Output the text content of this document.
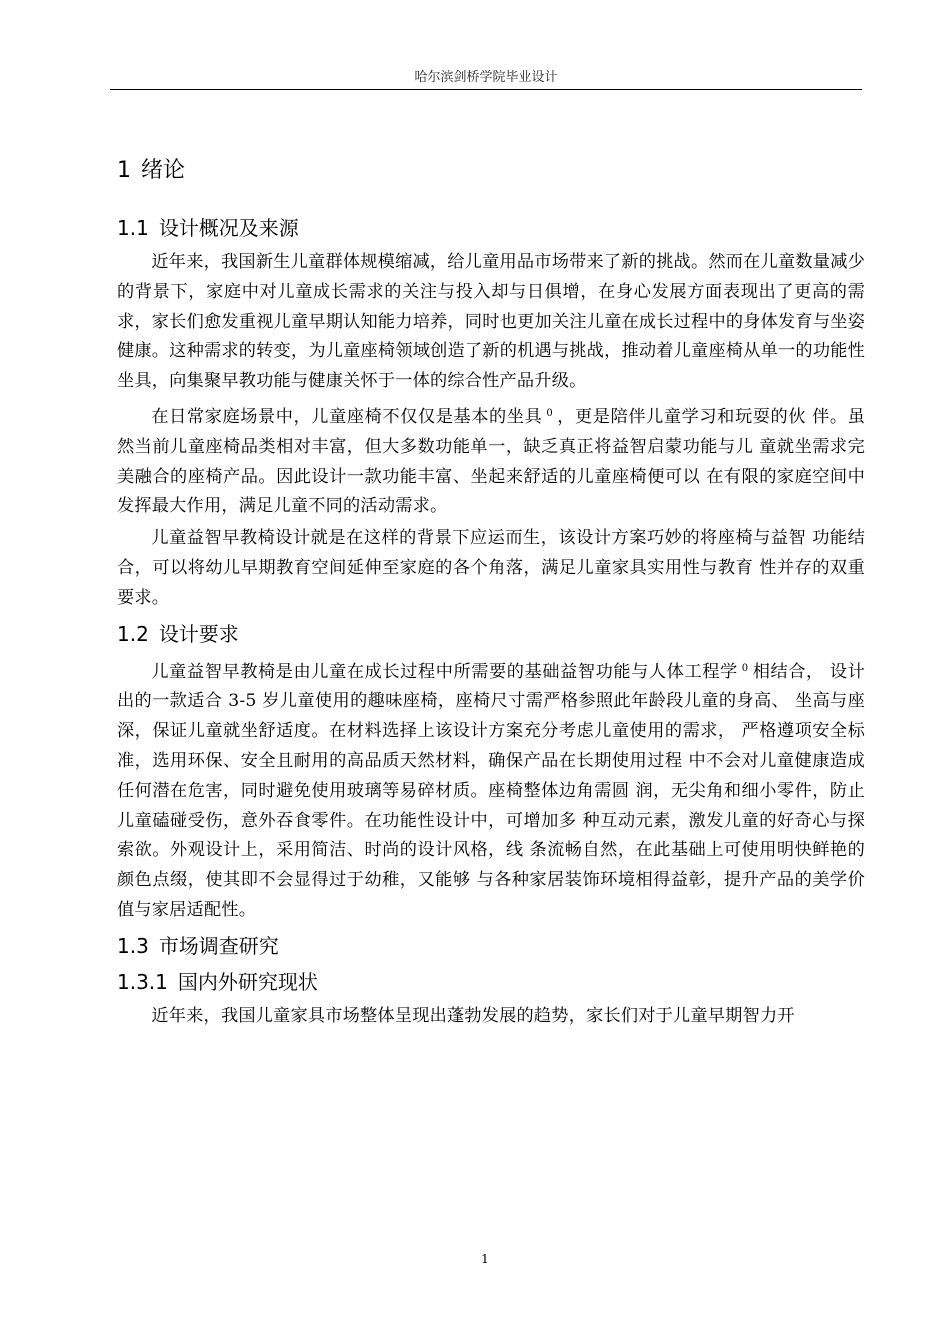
哈尔滨剑桥学院毕业设计
1 绪论
1.1 设计概况及来源

近年来，我国新生儿童群体规模缩减，给儿童用品市场带来了新的挑战。然而在儿童数量减少的背景下，家庭中对儿童成长需求的关注与投入却与日俱增，在身心发展方面表现出了更高的需求，家长们愈发重视儿童早期认知能力培养，同时也更加关注儿童在成长过程中的身体发育与坐姿健康。这种需求的转变，为儿童座椅领域创造了新的机遇与挑战，推动着儿童座椅从单一的功能性坐具，向集聚早教功能与健康关怀于一体的综合性产品升级。

在日常家庭场景中，儿童座椅不仅仅是基本的坐具 $^0$ ，更是陪伴儿童学习和玩耍的伙 伴。虽然当前儿童座椅品类相对丰富，但大多数功能单一，缺乏真正将益智启蒙功能与儿 童就坐需求完美融合的座椅产品。因此设计一款功能丰富、坐起来舒适的儿童座椅便可以 在有限的家庭空间中发挥最大作用，满足儿童不同的活动需求。

儿童益智早教椅设计就是在这样的背景下应运而生，该设计方案巧妙的将座椅与益智 功能结合，可以将幼儿早期教育空间延伸至家庭的各个角落，满足儿童家具实用性与教育 性并存的双重要求。

1.2 设计要求

儿童益智早教椅是由儿童在成长过程中所需要的基础益智功能与人体工程学 $^0$ 相结合， 设计出的一款适合 3-5 岁儿童使用的趣味座椅，座椅尺寸需严格参照此年龄段儿童的身高、 坐高与座深，保证儿童就坐舒适度。在材料选择上该设计方案充分考虑儿童使用的需求， 严格遵项安全标准，选用环保、安全且耐用的高品质天然材料，确保产品在长期使用过程 中不会对儿童健康造成任何潜在危害，同时避免使用玻璃等易碎材质。座椅整体边角需圆 润，无尖角和细小零件，防止儿童磕碰受伤，意外吞食零件。在功能性设计中，可增加多 种互动元素，激发儿童的好奇心与探索欲。外观设计上，采用简洁、时尚的设计风格，线 条流畅自然，在此基础上可使用明快鲜艳的颜色点缀，使其即不会显得过于幼稚，又能够 与各种家居装饰环境相得益彰，提升产品的美学价值与家居适配性。

1.3 市场调查研究
1.3.1 国内外研究现状

近年来，我国儿童家具市场整体呈现出蓬勃发展的趋势，家长们对于儿童早期智力开

1
